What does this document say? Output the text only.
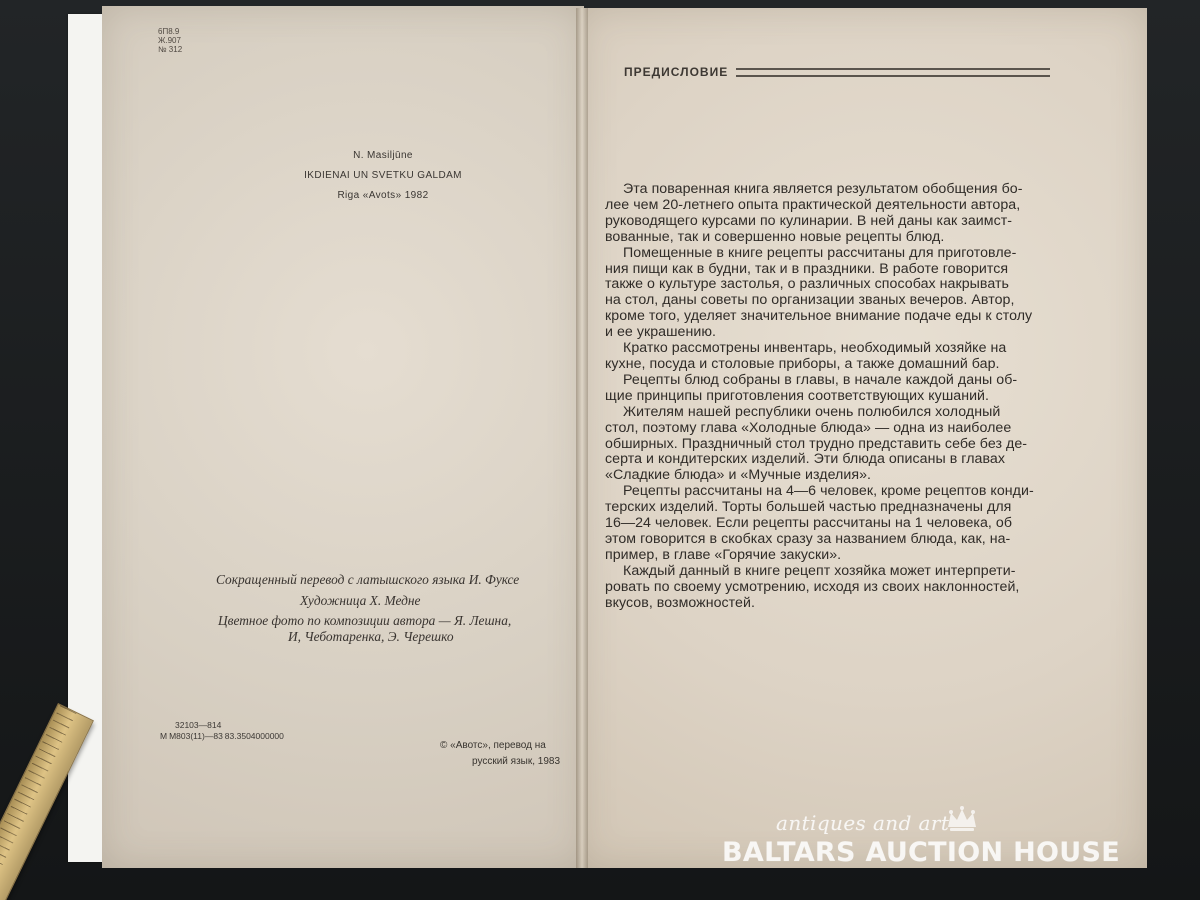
6П8.9
Ж.907
№ 312
N. Masiljūne
IKDIENAI UN SVETKU GALDAM
Riga «Avots» 1982
Сокращенный перевод с латышского языка И. Фуксе
Художница Х. Медне
Цветное фото по композиции автора — Я. Лешна,
И, Чеботаренка, Э. Черешко
32103—814
М М803(11)—83 83.3504000000
© «Авотс», перевод на
русский язык, 1983
ПРЕДИСЛОВИЕ
Эта поваренная книга является результатом обобщения бо-
лее чем 20-летнего опыта практической деятельности автора,
руководящего курсами по кулинарии. В ней даны как заимст-
вованные, так и совершенно новые рецепты блюд.
Помещенные в книге рецепты рассчитаны для приготовле-
ния пищи как в будни, так и в праздники. В работе говорится
также о культуре застолья, о различных способах накрывать
на стол, даны советы по организации званых вечеров. Автор,
кроме того, уделяет значительное внимание подаче еды к столу
и ее украшению.
Кратко рассмотрены инвентарь, необходимый хозяйке на
кухне, посуда и столовые приборы, а также домашний бар.
Рецепты блюд собраны в главы, в начале каждой даны об-
щие принципы приготовления соответствующих кушаний.
Жителям нашей республики очень полюбился холодный
стол, поэтому глава «Холодные блюда» — одна из наиболее
обширных. Праздничный стол трудно представить себе без де-
серта и кондитерских изделий. Эти блюда описаны в главах
«Сладкие блюда» и «Мучные изделия».
Рецепты рассчитаны на 4—6 человек, кроме рецептов конди-
терских изделий. Торты большей частью предназначены для
16—24 человек. Если рецепты рассчитаны на 1 человека, об
этом говорится в скобках сразу за названием блюда, как, на-
пример, в главе «Горячие закуски».
Каждый данный в книге рецепт хозяйка может интерпрети-
ровать по своему усмотрению, исходя из своих наклонностей,
вкусов, возможностей.
antiques and art
BALTARS AUCTION HOUSE
